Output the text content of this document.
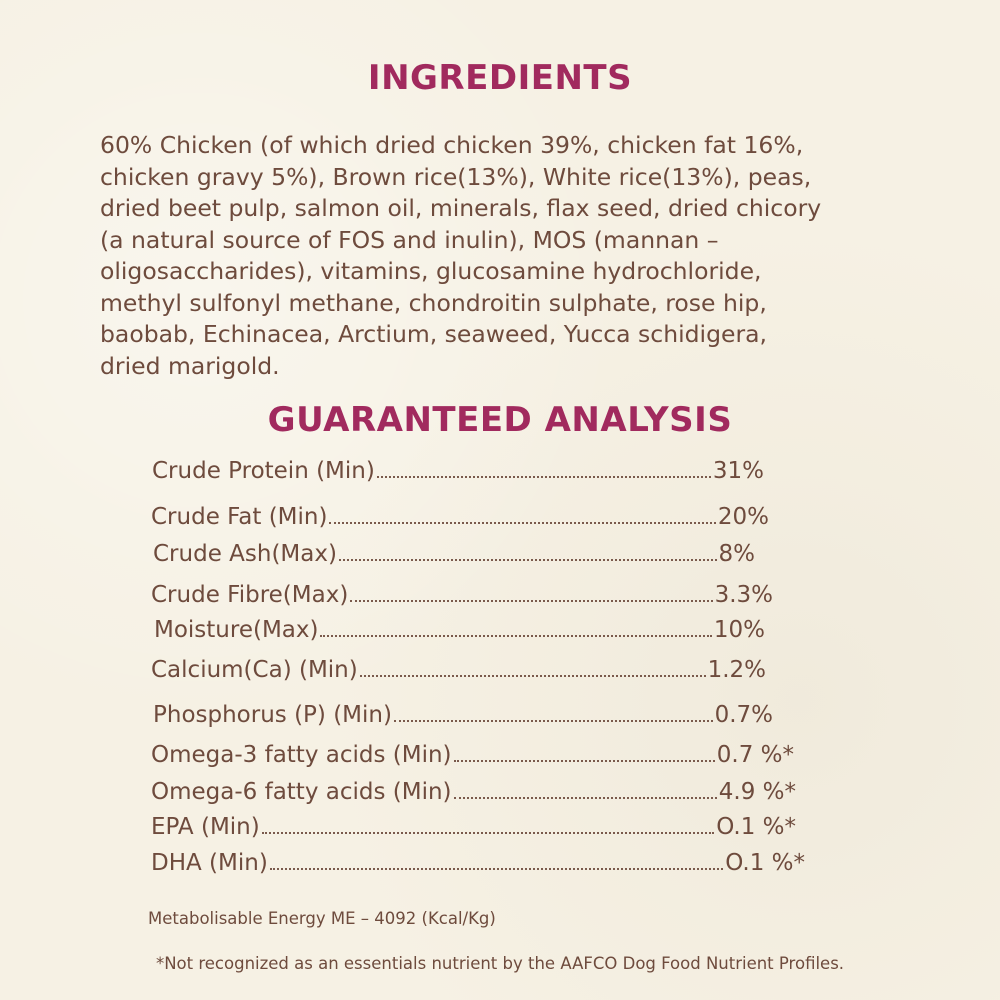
INGREDIENTS
60% Chicken (of which dried chicken 39%, chicken fat 16%,
chicken gravy 5%), Brown rice(13%), White rice(13%), peas,
dried beet pulp, salmon oil, minerals, flax seed, dried chicory
(a natural source of FOS and inulin), MOS (mannan –
oligosaccharides), vitamins, glucosamine hydrochloride,
methyl sulfonyl methane, chondroitin sulphate, rose hip,
baobab, Echinacea, Arctium, seaweed, Yucca schidigera,
dried marigold.
GUARANTEED ANALYSIS
Crude Protein (Min)	31%
Crude Fat (Min)	20%
Crude Ash(Max)	8%
Crude Fibre(Max)	3.3%
Moisture(Max)	10%
Calcium(Ca) (Min)	1.2%
Phosphorus (P) (Min)	0.7%
Omega-3 fatty acids (Min)	0.7 %*
Omega-6 fatty acids (Min)	4.9 %*
EPA (Min)	O.1 %*
DHA (Min)	O.1 %*
Metabolisable Energy ME – 4092 (Kcal/Kg)
*Not recognized as an essentials nutrient by the AAFCO Dog Food Nutrient Profiles.
